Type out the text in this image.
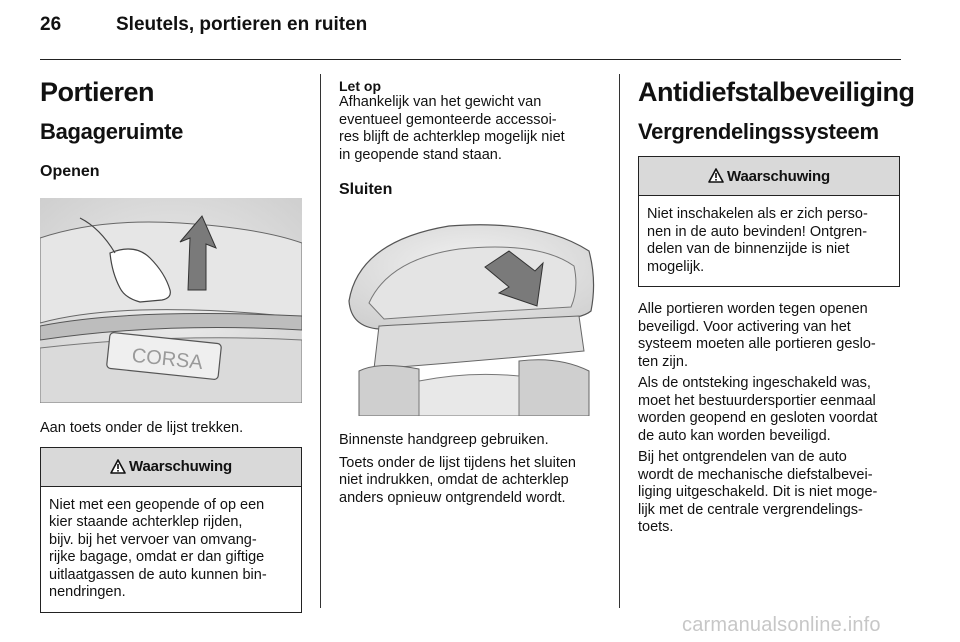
26	Sleutels, portieren en ruiten
Portieren
Bagageruimte
Openen
CORSA

Aan toets onder de lijst trekken.

Waarschuwing
Niet met een geopende of op een
kier staande achterklep rijden,
bijv. bij het vervoer van omvang-
rijke bagage, omdat er dan giftige
uitlaatgassen de auto kunnen bin-
nendringen.
Let op

Afhankelijk van het gewicht van
eventueel gemonteerde accessoi-
res blijft de achterklep mogelijk niet
in geopende stand staan.

Sluiten

Binnenste handgreep gebruiken.

Toets onder de lijst tijdens het sluiten
niet indrukken, omdat de achterklep
anders opnieuw ontgrendeld wordt.

Antidiefstalbeveiliging
Vergrendelingssysteem
Waarschuwing
Niet inschakelen als er zich perso-
nen in de auto bevinden! Ontgren-
delen van de binnenzijde is niet
mogelijk.

Alle portieren worden tegen openen
beveiligd. Voor activering van het
systeem moeten alle portieren geslo-
ten zijn.

Als de ontsteking ingeschakeld was,
moet het bestuurdersportier eenmaal
worden geopend en gesloten voordat
de auto kan worden beveiligd.

Bij het ontgrendelen van de auto
wordt de mechanische diefstalbevei-
liging uitgeschakeld. Dit is niet moge-
lijk met de centrale vergrendelings-
toets.

carmanualsonline.info
